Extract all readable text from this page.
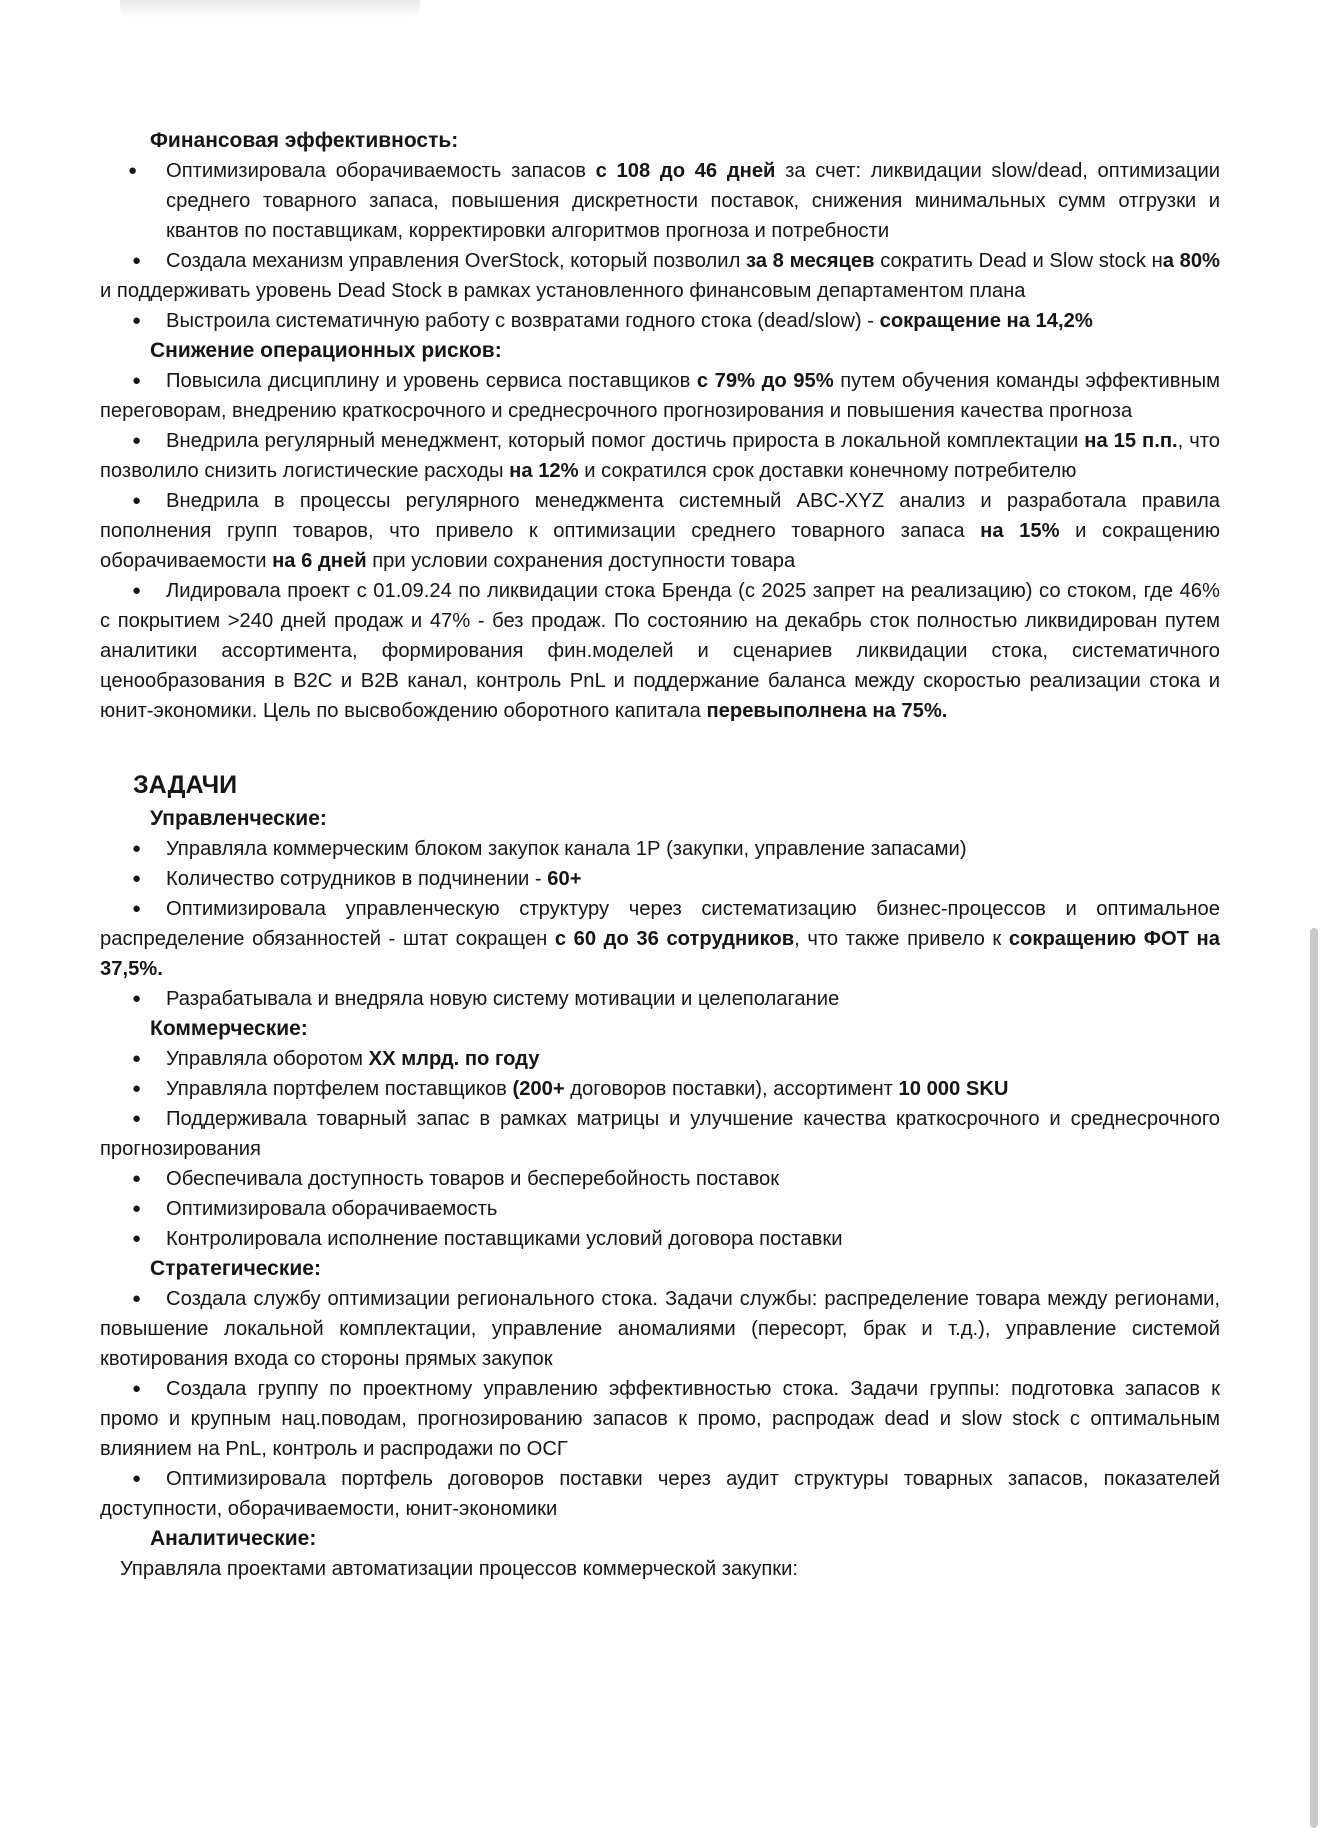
Финансовая эффективность:
● Оптимизировала оборачиваемость запасов с 108 до 46 дней за счет: ликвидации slow/dead, оптимизации среднего товарного запаса, повышения дискретности поставок, снижения минимальных сумм отгрузки и квантов по поставщикам, корректировки алгоритмов прогноза и потребности
● Создала механизм управления OverStock, который позволил за 8 месяцев сократить Dead и Slow stock на 80% и поддерживать уровень Dead Stock в рамках установленного финансовым департаментом плана
● Выстроила систематичную работу с возвратами годного стока (dead/slow) - сокращение на 14,2%
Снижение операционных рисков:
● Повысила дисциплину и уровень сервиса поставщиков с 79% до 95% путем обучения команды эффективным переговорам, внедрению краткосрочного и среднесрочного прогнозирования и повышения качества прогноза
● Внедрила регулярный менеджмент, который помог достичь прироста в локальной комплектации на 15 п.п., что позволило снизить логистические расходы на 12% и сократился срок доставки конечному потребителю
● Внедрила в процессы регулярного менеджмента системный ABC-XYZ анализ и разработала правила пополнения групп товаров, что привело к оптимизации среднего товарного запаса на 15% и сокращению оборачиваемости на 6 дней при условии сохранения доступности товара
● Лидировала проект с 01.09.24 по ликвидации стока Бренда (с 2025 запрет на реализацию) со стоком, где 46% с покрытием >240 дней продаж и 47% - без продаж. По состоянию на декабрь сток полностью ликвидирован путем аналитики ассортимента, формирования фин.моделей и сценариев ликвидации стока, систематичного ценообразования в B2C и B2B канал, контроль PnL и поддержание баланса между скоростью реализации стока и юнит-экономики. Цель по высвобождению оборотного капитала перевыполнена на 75%.
ЗАДАЧИ
Управленческие:
● Управляла коммерческим блоком закупок канала 1Р (закупки, управление запасами)
● Количество сотрудников в подчинении - 60+
● Оптимизировала управленческую структуру через систематизацию бизнес-процессов и оптимальное распределение обязанностей - штат сокращен с 60 до 36 сотрудников, что также привело к сокращению ФОТ на 37,5%.
● Разрабатывала и внедряла новую систему мотивации и целеполагание
Коммерческие:
● Управляла оборотом XX млрд. по году
● Управляла портфелем поставщиков (200+ договоров поставки), ассортимент 10 000 SKU
● Поддерживала товарный запас в рамках матрицы и улучшение качества краткосрочного и среднесрочного прогнозирования
● Обеспечивала доступность товаров и бесперебойность поставок
● Оптимизировала оборачиваемость
● Контролировала исполнение поставщиками условий договора поставки
Стратегические:
● Создала службу оптимизации регионального стока. Задачи службы: распределение товара между регионами, повышение локальной комплектации, управление аномалиями (пересорт, брак и т.д.), управление системой квотирования входа со стороны прямых закупок
● Создала группу по проектному управлению эффективностью стока. Задачи группы: подготовка запасов к промо и крупным нац.поводам, прогнозированию запасов к промо, распродаж dead и slow stock с оптимальным влиянием на PnL, контроль и распродажи по ОСГ
● Оптимизировала портфель договоров поставки через аудит структуры товарных запасов, показателей доступности, оборачиваемости, юнит-экономики
Аналитические:
Управляла проектами автоматизации процессов коммерческой закупки:
